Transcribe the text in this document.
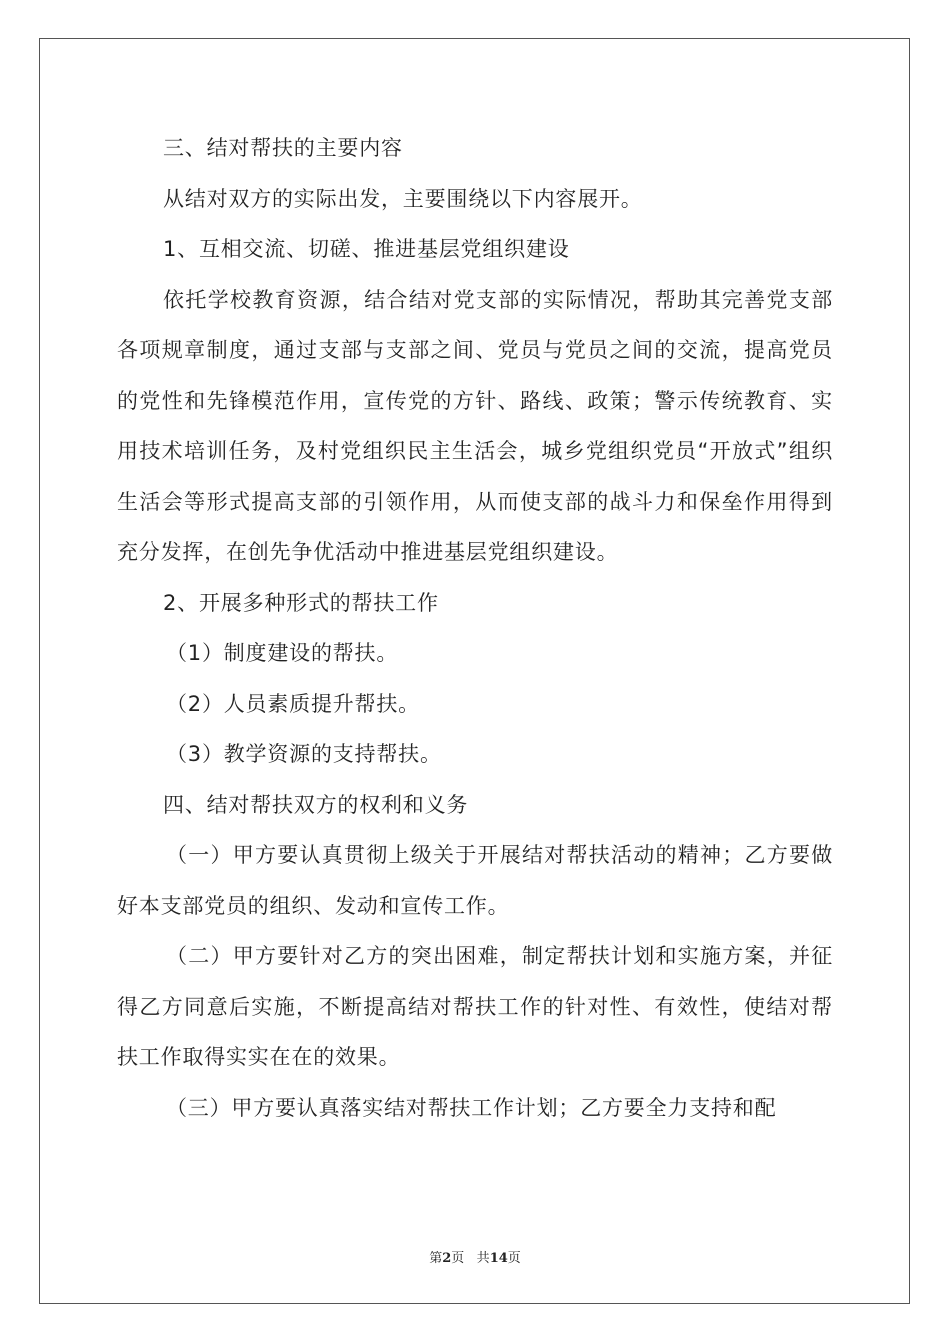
三、结对帮扶的主要内容

从结对双方的实际出发，主要围绕以下内容展开。

1、互相交流、切磋、推进基层党组织建设

依托学校教育资源，结合结对党支部的实际情况，帮助其完善党支部各项规章制度，通过支部与支部之间、党员与党员之间的交流，提高党员的党性和先锋模范作用，宣传党的方针、路线、政策；警示传统教育、实用技术培训任务，及村党组织民主生活会，城乡党组织党员“开放式”组织生活会等形式提高支部的引领作用，从而使支部的战斗力和保垒作用得到充分发挥，在创先争优活动中推进基层党组织建设。

2、开展多种形式的帮扶工作

（1）制度建设的帮扶。

（2）人员素质提升帮扶。

（3）教学资源的支持帮扶。

四、结对帮扶双方的权利和义务

（一）甲方要认真贯彻上级关于开展结对帮扶活动的精神；乙方要做好本支部党员的组织、发动和宣传工作。

（二）甲方要针对乙方的突出困难，制定帮扶计划和实施方案，并征得乙方同意后实施，不断提高结对帮扶工作的针对性、有效性，使结对帮扶工作取得实实在在的效果。

（三）甲方要认真落实结对帮扶工作计划；乙方要全力支持和配

第2页 共14页
